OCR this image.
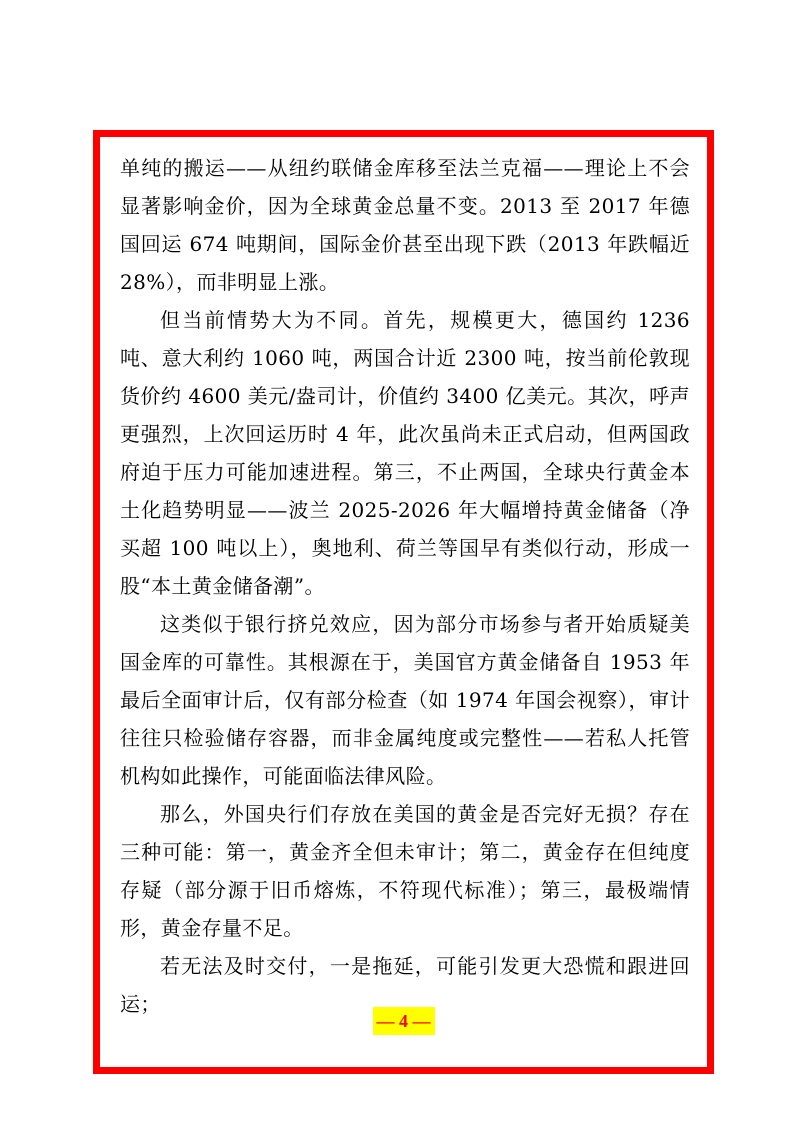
单纯的搬运——从纽约联储金库移至法兰克福——理论上不会显著影响金价，因为全球黄金总量不变。2013 至 2017 年德国回运 674 吨期间，国际金价甚至出现下跌（2013 年跌幅近 28%），而非明显上涨。

但当前情势大为不同。首先，规模更大，德国约 1236 吨、意大利约 1060 吨，两国合计近 2300 吨，按当前伦敦现货价约 4600 美元/盎司计，价值约 3400 亿美元。其次，呼声更强烈，上次回运历时 4 年，此次虽尚未正式启动，但两国政府迫于压力可能加速进程。第三，不止两国，全球央行黄金本土化趋势明显——波兰 2025-2026 年大幅增持黄金储备（净买超 100 吨以上），奥地利、荷兰等国早有类似行动，形成一股“本土黄金储备潮”。

这类似于银行挤兑效应，因为部分市场参与者开始质疑美国金库的可靠性。其根源在于，美国官方黄金储备自 1953 年最后全面审计后，仅有部分检查（如 1974 年国会视察），审计往往只检验储存容器，而非金属纯度或完整性——若私人托管机构如此操作，可能面临法律风险。

那么，外国央行们存放在美国的黄金是否完好无损？存在三种可能：第一，黄金齐全但未审计；第二，黄金存在但纯度存疑（部分源于旧币熔炼，不符现代标准）；第三，最极端情形，黄金存量不足。

若无法及时交付，一是拖延，可能引发更大恐慌和跟进回运；

— 4 —
